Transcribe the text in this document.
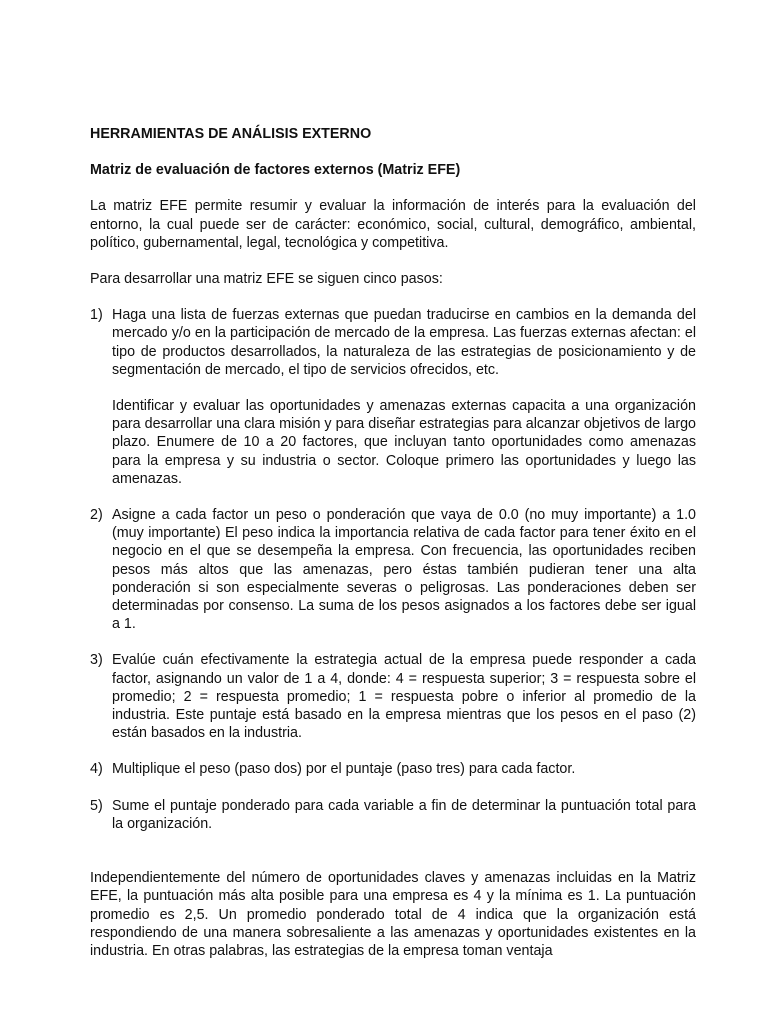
HERRAMIENTAS DE ANÁLISIS EXTERNO
Matriz de evaluación de factores externos (Matriz EFE)

La matriz EFE permite resumir y evaluar la información de interés para la evaluación del entorno, la cual puede ser de carácter: económico, social, cultural, demográfico, ambiental, político, gubernamental, legal, tecnológica y competitiva.

Para desarrollar una matriz EFE se siguen cinco pasos:

1) Haga una lista de fuerzas externas que puedan traducirse en cambios en la demanda del mercado y/o en la participación de mercado de la empresa. Las fuerzas externas afectan: el tipo de productos desarrollados, la naturaleza de las estrategias de posicionamiento y de segmentación de mercado, el tipo de servicios ofrecidos, etc.

Identificar y evaluar las oportunidades y amenazas externas capacita a una organización para desarrollar una clara misión y para diseñar estrategias para alcanzar objetivos de largo plazo. Enumere de 10 a 20 factores, que incluyan tanto oportunidades como amenazas para la empresa y su industria o sector. Coloque primero las oportunidades y luego las amenazas.

2) Asigne a cada factor un peso o ponderación que vaya de 0.0 (no muy importante) a 1.0 (muy importante) El peso indica la importancia relativa de cada factor para tener éxito en el negocio en el que se desempeña la empresa. Con frecuencia, las oportunidades reciben pesos más altos que las amenazas, pero éstas también pudieran tener una alta ponderación si son especialmente severas o peligrosas. Las ponderaciones deben ser determinadas por consenso. La suma de los pesos asignados a los factores debe ser igual a 1.

3) Evalúe cuán efectivamente la estrategia actual de la empresa puede responder a cada factor, asignando un valor de 1 a 4, donde: 4 = respuesta superior; 3 = respuesta sobre el promedio; 2 = respuesta promedio; 1 = respuesta pobre o inferior al promedio de la industria. Este puntaje está basado en la empresa mientras que los pesos en el paso (2) están basados en la industria.

4) Multiplique el peso (paso dos) por el puntaje (paso tres) para cada factor.

5) Sume el puntaje ponderado para cada variable a fin de determinar la puntuación total para la organización.

Independientemente del número de oportunidades claves y amenazas incluidas en la Matriz EFE, la puntuación más alta posible para una empresa es 4 y la mínima es 1. La puntuación promedio es 2,5. Un promedio ponderado total de 4 indica que la organización está respondiendo de una manera sobresaliente a las amenazas y oportunidades existentes en la industria. En otras palabras, las estrategias de la empresa toman ventaja
